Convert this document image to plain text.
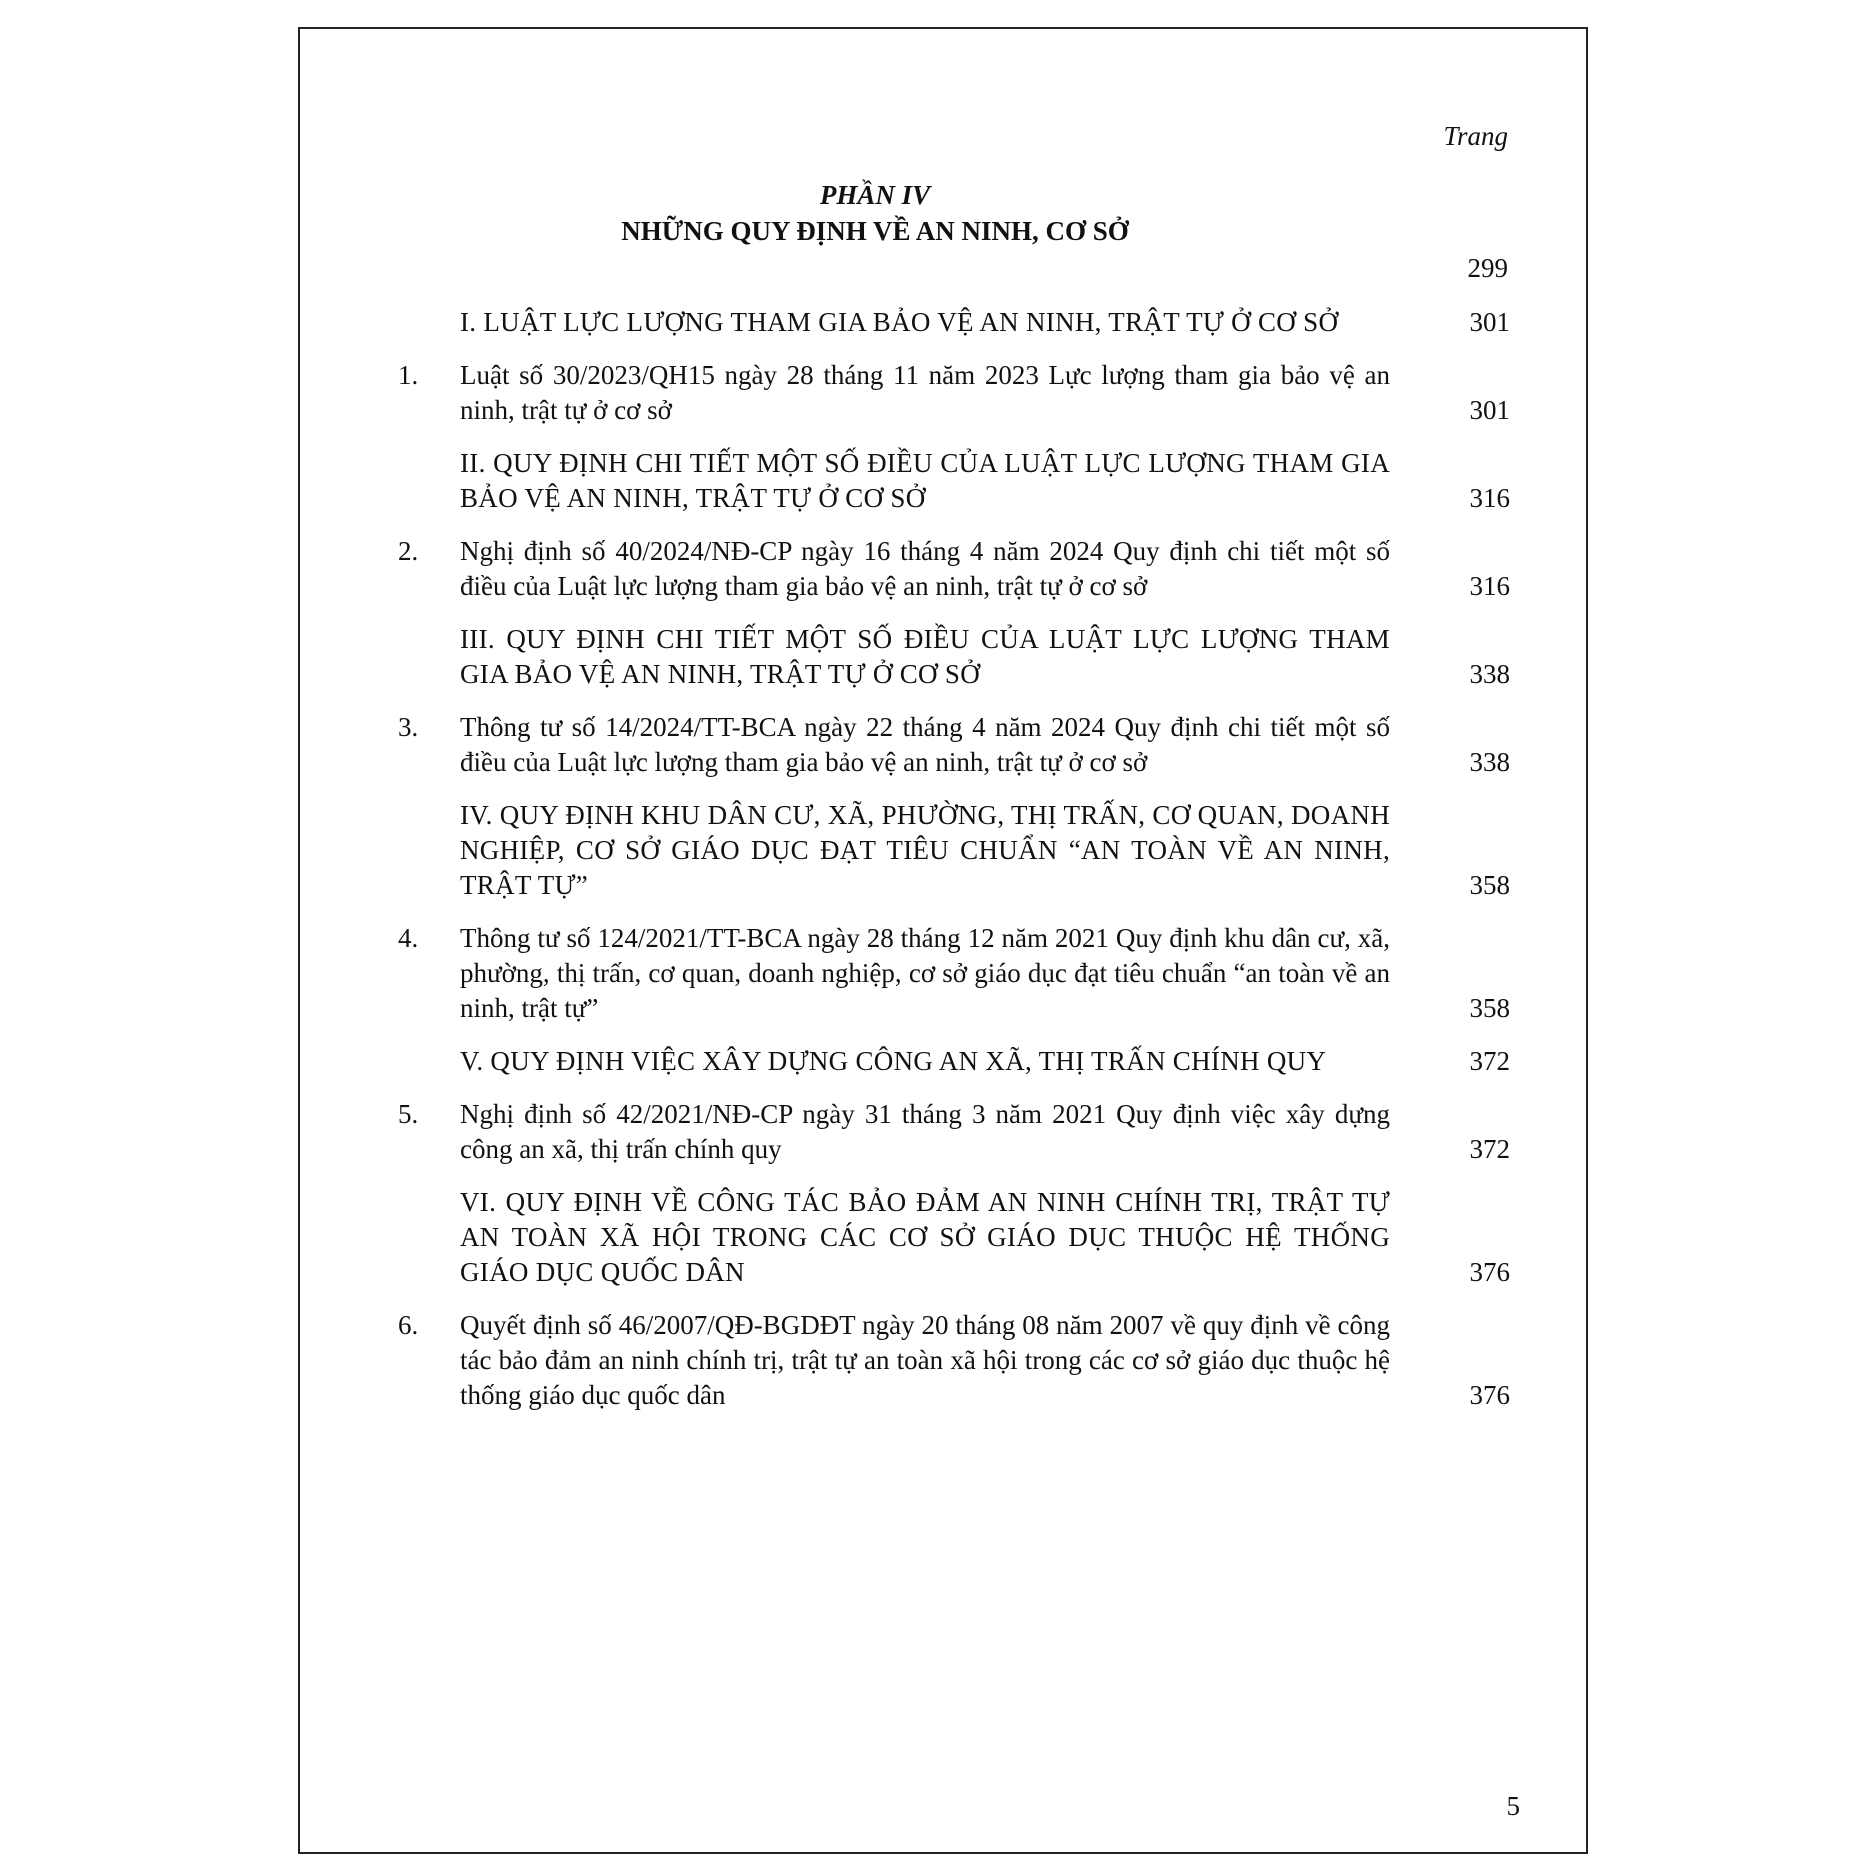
Trang
PHẦN IV
NHỮNG QUY ĐỊNH VỀ AN NINH, CƠ SỞ
299
I. LUẬT LỰC LƯỢNG THAM GIA BẢO VỆ AN NINH, TRẬT TỰ Ở CƠ SỞ	301
1.	Luật số 30/2023/QH15 ngày 28 tháng 11 năm 2023 Lực lượng tham gia bảo vệ an ninh, trật tự ở cơ sở	301
II. QUY ĐỊNH CHI TIẾT MỘT SỐ ĐIỀU CỦA LUẬT LỰC LƯỢNG THAM GIA BẢO VỆ AN NINH, TRẬT TỰ Ở CƠ SỞ	316
2.	Nghị định số 40/2024/NĐ-CP ngày 16 tháng 4 năm 2024 Quy định chi tiết một số điều của Luật lực lượng tham gia bảo vệ an ninh, trật tự ở cơ sở	316
III. QUY ĐỊNH CHI TIẾT MỘT SỐ ĐIỀU CỦA LUẬT LỰC LƯỢNG THAM GIA BẢO VỆ AN NINH, TRẬT TỰ Ở CƠ SỞ	338
3.	Thông tư số 14/2024/TT-BCA ngày 22 tháng 4 năm 2024 Quy định chi tiết một số điều của Luật lực lượng tham gia bảo vệ an ninh, trật tự ở cơ sở	338
IV. QUY ĐỊNH KHU DÂN CƯ, XÃ, PHƯỜNG, THỊ TRẤN, CƠ QUAN, DOANH NGHIỆP, CƠ SỞ GIÁO DỤC ĐẠT TIÊU CHUẨN “AN TOÀN VỀ AN NINH, TRẬT TỰ”	358
4.	Thông tư số 124/2021/TT-BCA ngày 28 tháng 12 năm 2021 Quy định khu dân cư, xã, phường, thị trấn, cơ quan, doanh nghiệp, cơ sở giáo dục đạt tiêu chuẩn “an toàn về an ninh, trật tự”	358
V. QUY ĐỊNH VIỆC XÂY DỰNG CÔNG AN XÃ, THỊ TRẤN CHÍNH QUY	372
5.	Nghị định số 42/2021/NĐ-CP ngày 31 tháng 3 năm 2021 Quy định việc xây dựng công an xã, thị trấn chính quy	372
VI. QUY ĐỊNH VỀ CÔNG TÁC BẢO ĐẢM AN NINH CHÍNH TRỊ, TRẬT TỰ AN TOÀN XÃ HỘI TRONG CÁC CƠ SỞ GIÁO DỤC THUỘC HỆ THỐNG GIÁO DỤC QUỐC DÂN	376
6.	Quyết định số 46/2007/QĐ-BGDĐT ngày 20 tháng 08 năm 2007 về quy định về công tác bảo đảm an ninh chính trị, trật tự an toàn xã hội trong các cơ sở giáo dục thuộc hệ thống giáo dục quốc dân	376
5
